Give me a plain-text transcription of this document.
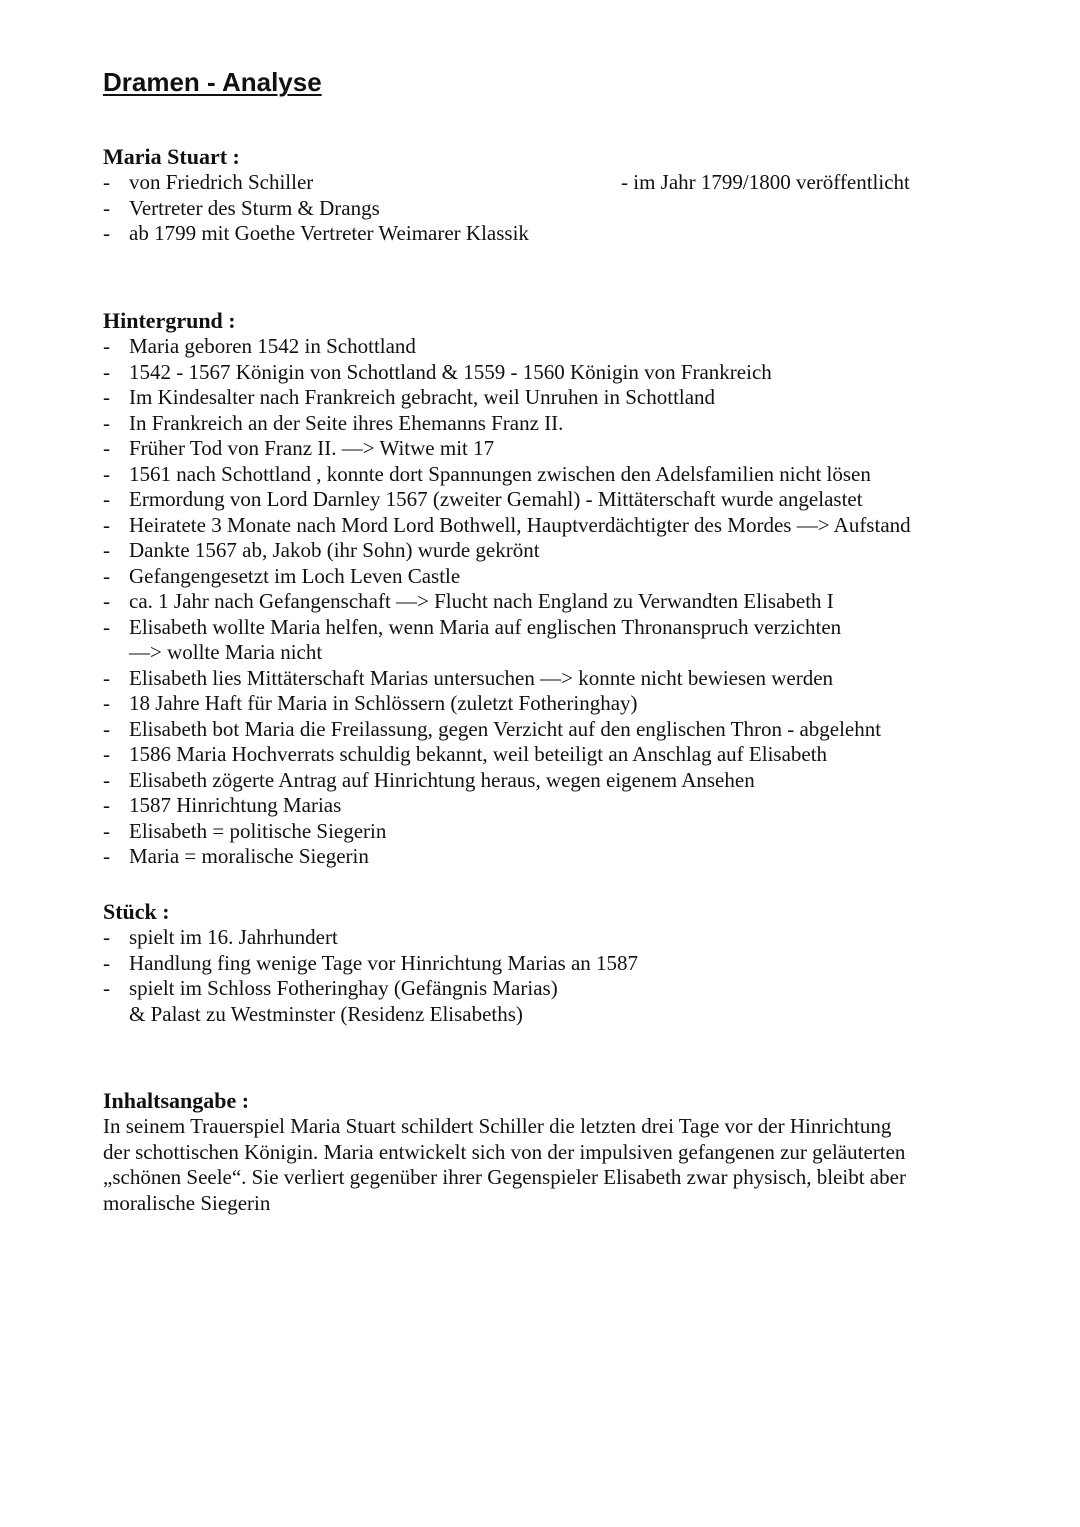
Dramen - Analyse
Maria Stuart :
- von Friedrich Schiller
- Vertreter des Sturm & Drangs
- ab 1799 mit Goethe Vertreter Weimarer Klassik
- im Jahr 1799/1800 veröffentlicht
Hintergrund :
- Maria geboren 1542 in Schottland
- 1542 - 1567 Königin von Schottland & 1559 - 1560 Königin von Frankreich
- Im Kindesalter nach Frankreich gebracht, weil Unruhen in Schottland
- In Frankreich an der Seite ihres Ehemanns Franz II.
- Früher Tod von Franz II. —> Witwe mit 17
- 1561 nach Schottland , konnte dort Spannungen zwischen den Adelsfamilien nicht lösen
- Ermordung von Lord Darnley 1567 (zweiter Gemahl) - Mittäterschaft wurde angelastet
- Heiratete 3 Monate nach Mord Lord Bothwell, Hauptverdächtigter des Mordes —> Aufstand
- Dankte 1567 ab, Jakob (ihr Sohn) wurde gekrönt
- Gefangengesetzt im Loch Leven Castle
- ca. 1 Jahr nach Gefangenschaft —> Flucht nach England zu Verwandten Elisabeth I
- Elisabeth wollte Maria helfen, wenn Maria auf englischen Thronanspruch verzichten
—> wollte Maria nicht
- Elisabeth lies Mittäterschaft Marias untersuchen —> konnte nicht bewiesen werden
- 18 Jahre Haft für Maria in Schlössern (zuletzt Fotheringhay)
- Elisabeth bot Maria die Freilassung, gegen Verzicht auf den englischen Thron - abgelehnt
- 1586 Maria Hochverrats schuldig bekannt, weil beteiligt an Anschlag auf Elisabeth
- Elisabeth zögerte Antrag auf Hinrichtung heraus, wegen eigenem Ansehen
- 1587 Hinrichtung Marias
- Elisabeth = politische Siegerin
- Maria = moralische Siegerin
Stück :
- spielt im 16. Jahrhundert
- Handlung fing wenige Tage vor Hinrichtung Marias an 1587
- spielt im Schloss Fotheringhay (Gefängnis Marias)
& Palast zu Westminster (Residenz Elisabeths)
Inhaltsangabe :

In seinem Trauerspiel Maria Stuart schildert Schiller die letzten drei Tage vor der Hinrichtung
der schottischen Königin. Maria entwickelt sich von der impulsiven gefangenen zur geläuterten
„schönen Seele“. Sie verliert gegenüber ihrer Gegenspieler Elisabeth zwar physisch, bleibt aber
moralische Siegerin
